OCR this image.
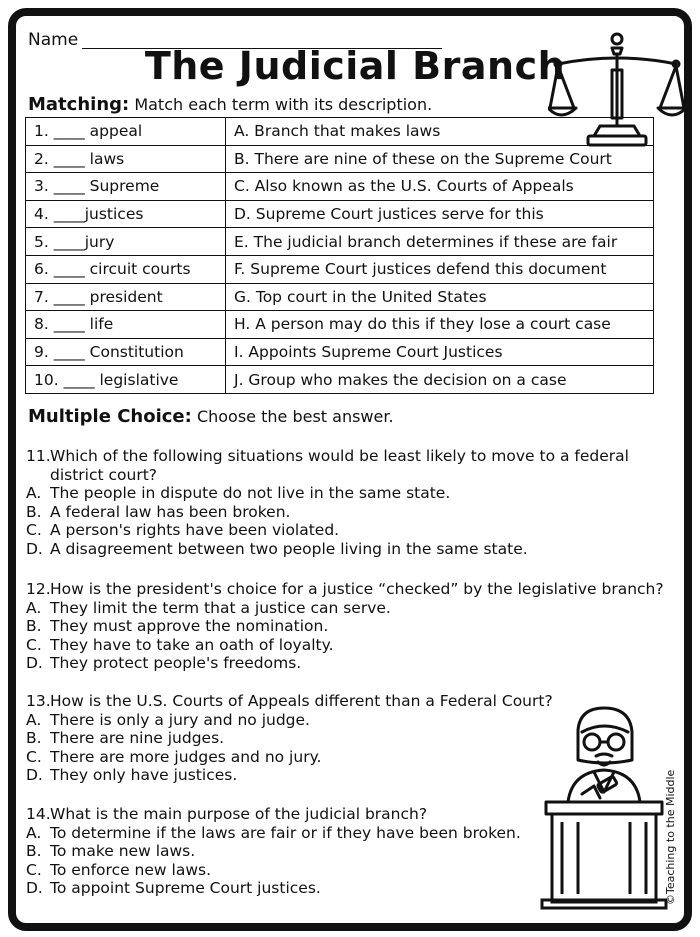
Name
The Judicial Branch
Matching: Match each term with its description.
1. ____ appeal	A. Branch that makes laws
2. ____ laws	B. There are nine of these on the Supreme Court
3. ____ Supreme	C. Also known as the U.S. Courts of Appeals
4. ____justices	D. Supreme Court justices serve for this
5. ____jury	E. The judicial branch determines if these are fair
6. ____ circuit courts	F. Supreme Court justices defend this document
7. ____ president	G. Top court in the United States
8. ____ life	H. A person may do this if they lose a court case
9. ____ Constitution	I. Appoints Supreme Court Justices
10. ____ legislative	J. Group who makes the decision on a case
Multiple Choice: Choose the best answer.
11.Which of the following situations would be least likely to move to a federal
district court?
A. The people in dispute do not live in the same state.
B. A federal law has been broken.
C. A person's rights have been violated.
D. A disagreement between two people living in the same state.
12.How is the president's choice for a justice “checked” by the legislative branch?
A. They limit the term that a justice can serve.
B. They must approve the nomination.
C. They have to take an oath of loyalty.
D. They protect people's freedoms.
13.How is the U.S. Courts of Appeals different than a Federal Court?
A. There is only a jury and no judge.
B. There are nine judges.
C. There are more judges and no jury.
D. They only have justices.
14.What is the main purpose of the judicial branch?
A. To determine if the laws are fair or if they have been broken.
B. To make new laws.
C. To enforce new laws.
D. To appoint Supreme Court justices.	©Teaching to the Middle
